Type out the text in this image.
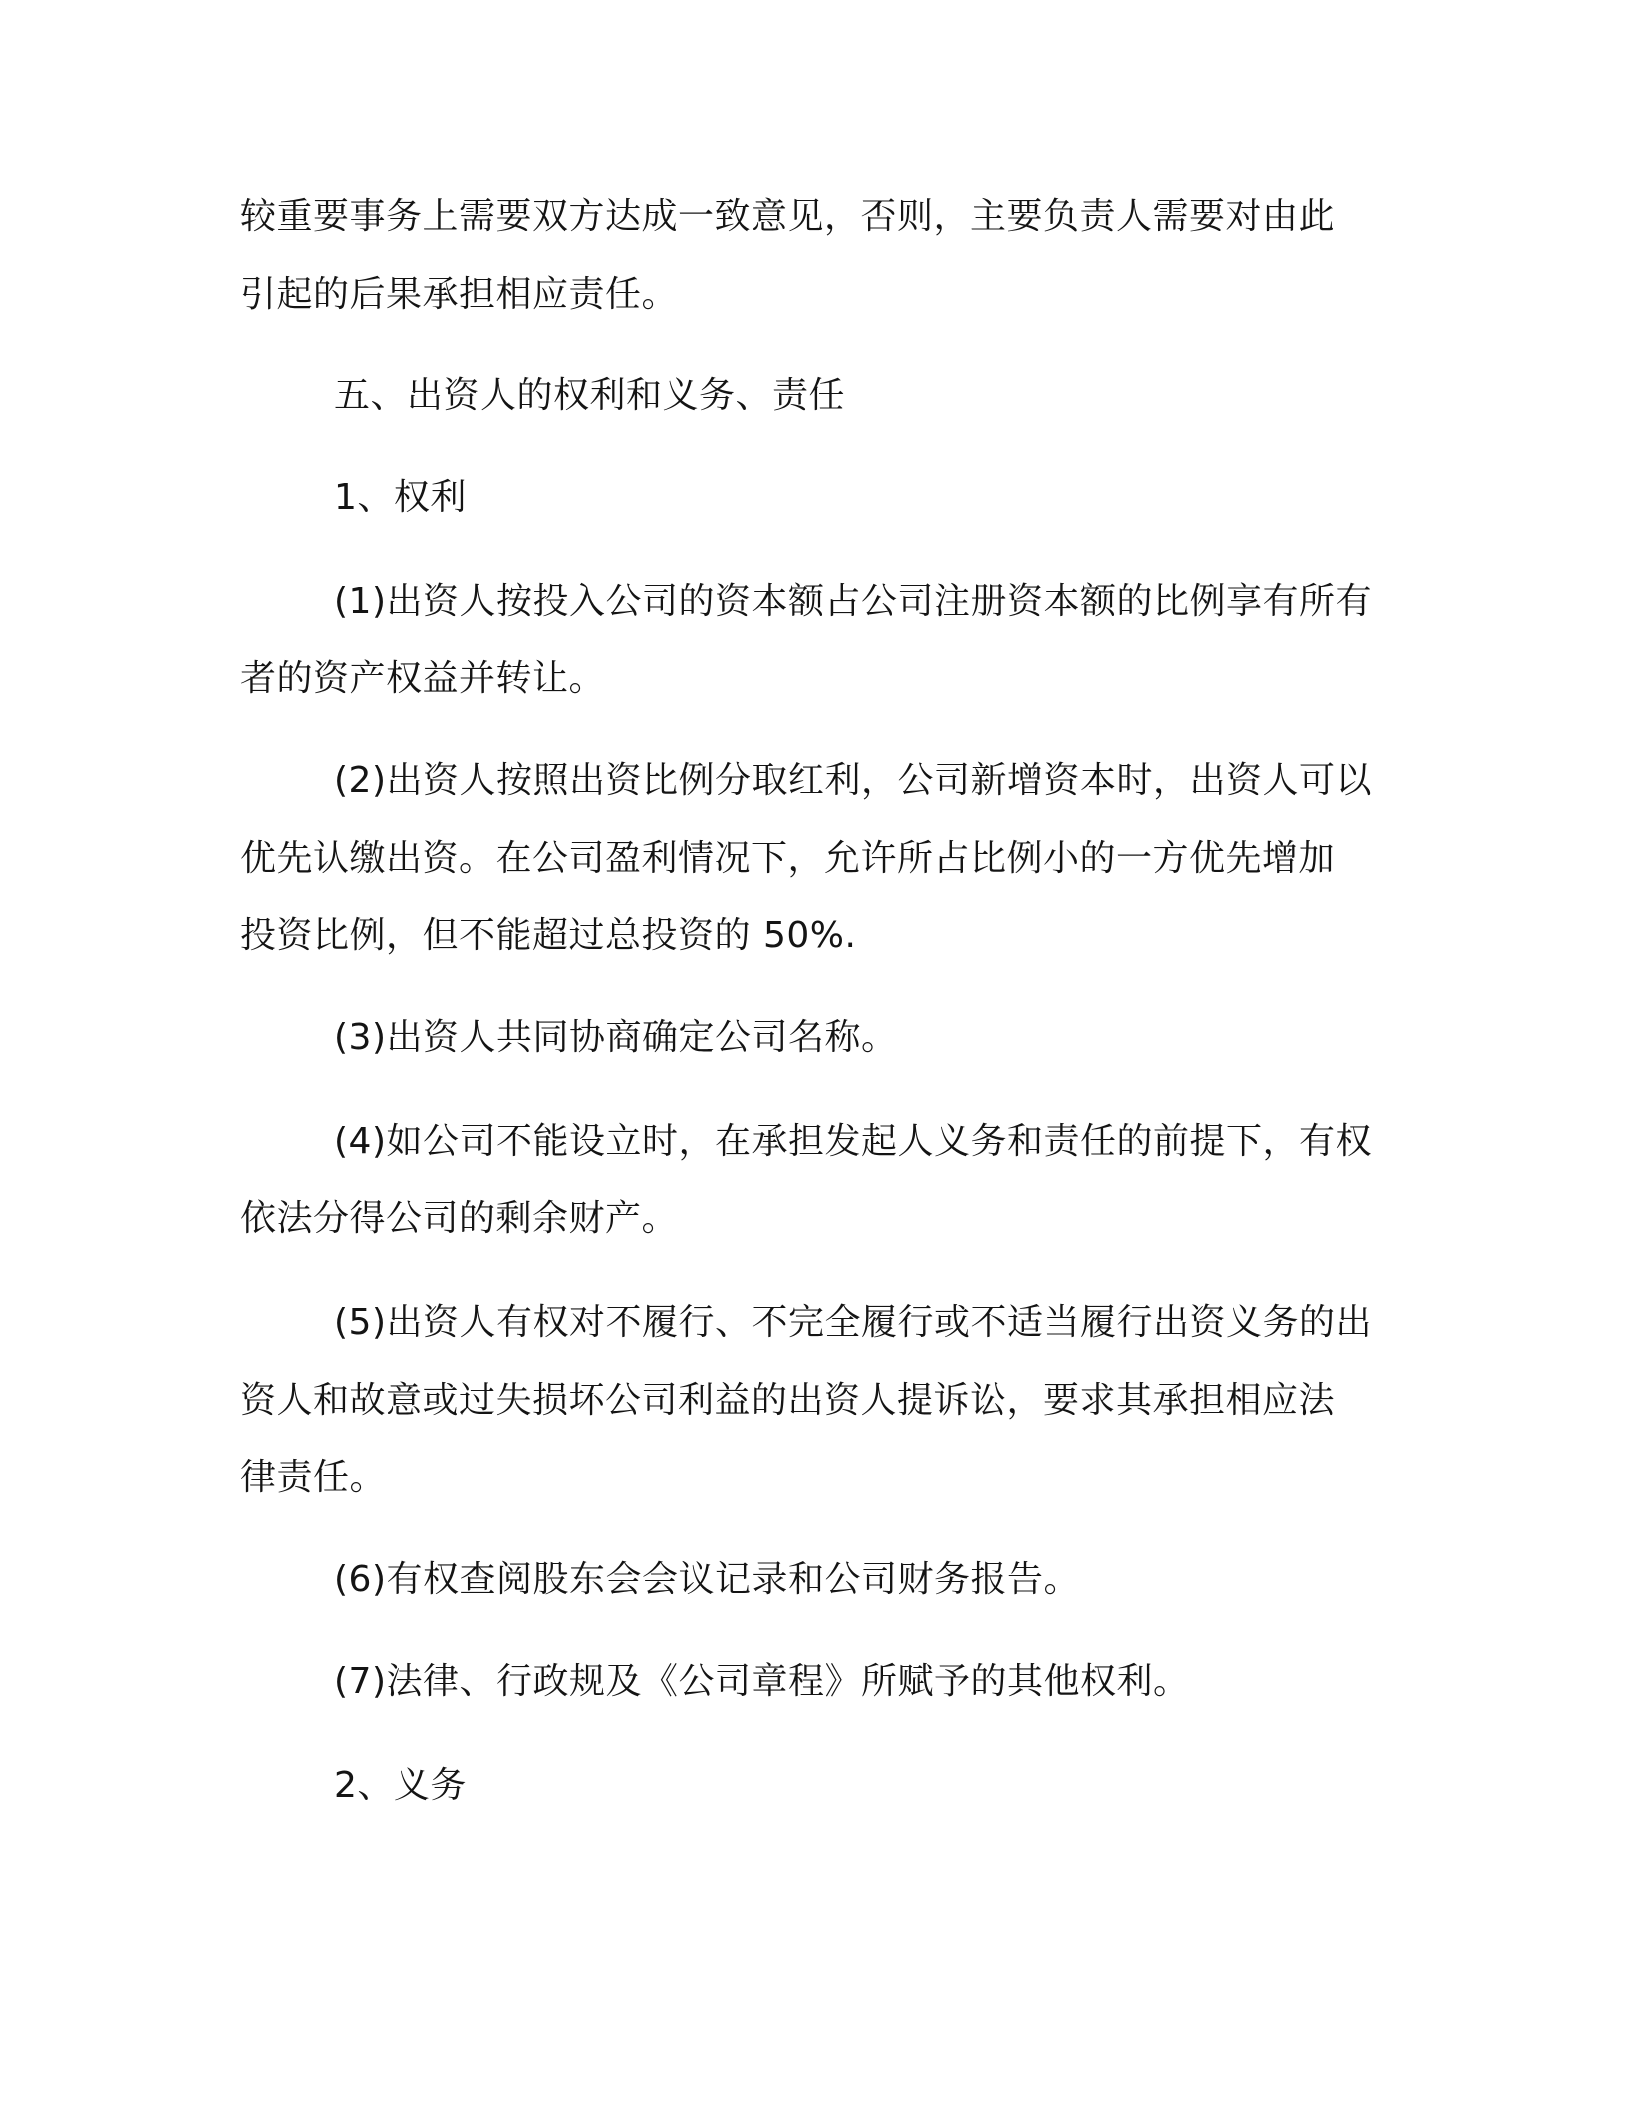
较重要事务上需要双方达成一致意见，否则，主要负责人需要对由此
引起的后果承担相应责任。
五、出资人的权利和义务、责任
1、权利
(1)出资人按投入公司的资本额占公司注册资本额的比例享有所有
者的资产权益并转让。
(2)出资人按照出资比例分取红利，公司新增资本时，出资人可以
优先认缴出资。在公司盈利情况下，允许所占比例小的一方优先增加
投资比例，但不能超过总投资的 50%.
(3)出资人共同协商确定公司名称。
(4)如公司不能设立时，在承担发起人义务和责任的前提下，有权
依法分得公司的剩余财产。
(5)出资人有权对不履行、不完全履行或不适当履行出资义务的出
资人和故意或过失损坏公司利益的出资人提诉讼，要求其承担相应法
律责任。
(6)有权查阅股东会会议记录和公司财务报告。
(7)法律、行政规及《公司章程》所赋予的其他权利。
2、义务
